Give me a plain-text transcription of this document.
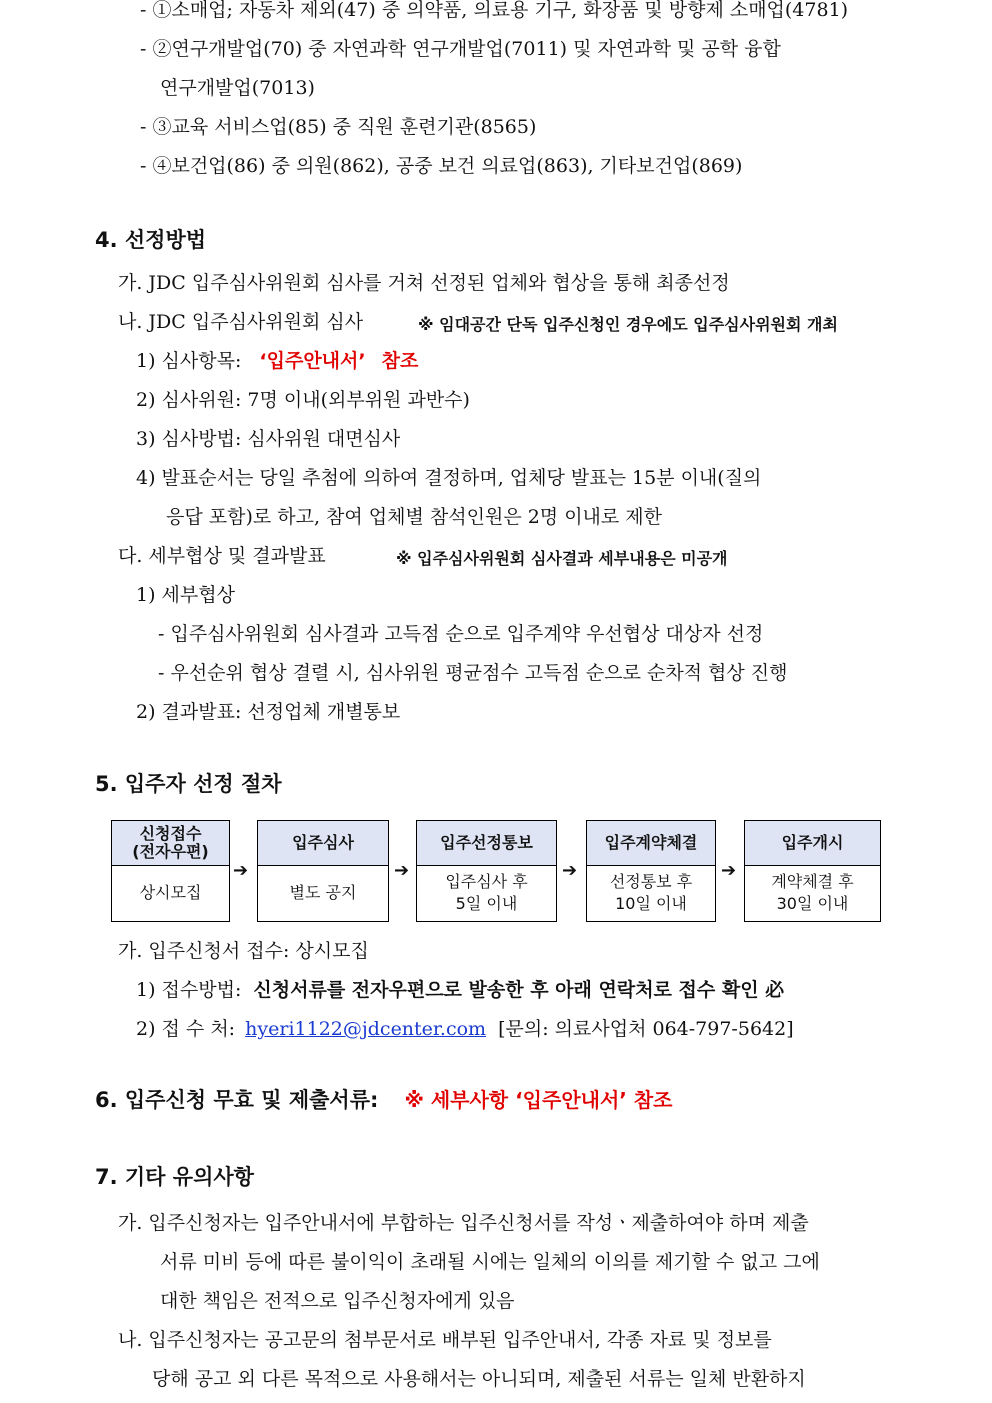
- ①소매업; 자동차 제외(47) 중 의약품, 의료용 기구, 화장품 및 방향제 소매업(4781)
- ②연구개발업(70) 중 자연과학 연구개발업(7011) 및 자연과학 및 공학 융합
연구개발업(7013)
- ③교육 서비스업(85) 중 직원 훈련기관(8565)
- ④보건업(86) 중 의원(862), 공중 보건 의료업(863), 기타보건업(869)
4. 선정방법
가. JDC 입주심사위원회 심사를 거쳐 선정된 업체와 협상을 통해 최종선정
나. JDC 입주심사위원회 심사	※ 임대공간 단독 입주신청인 경우에도 입주심사위원회 개최
1) 심사항목: ‘입주안내서’ 참조
2) 심사위원: 7명 이내(외부위원 과반수)
3) 심사방법: 심사위원 대면심사
4) 발표순서는 당일 추첨에 의하여 결정하며, 업체당 발표는 15분 이내(질의
응답 포함)로 하고, 참여 업체별 참석인원은 2명 이내로 제한
다. 세부협상 및 결과발표	※ 입주심사위원회 심사결과 세부내용은 미공개
1) 세부협상
- 입주심사위원회 심사결과 고득점 순으로 입주계약 우선협상 대상자 선정
- 우선순위 협상 결렬 시, 심사위원 평균점수 고득점 순으로 순차적 협상 진행
2) 결과발표: 선정업체 개별통보
5. 입주자 선정 절차
신청접수
(전자우편)
상시모집
➔
입주심사
별도 공지
➔
입주선정통보
입주심사 후
5일 이내
➔
입주계약체결
선정통보 후
10일 이내
➔
입주개시
계약체결 후
30일 이내
가. 입주신청서 접수: 상시모집
1) 접수방법: 신청서류를 전자우편으로 발송한 후 아래 연락처로 접수 확인 必
2) 접 수 처: hyeri1122@jdcenter.com [문의: 의료사업처 064-797-5642]
6. 입주신청 무효 및 제출서류: ※ 세부사항 ‘입주안내서’ 참조
7. 기타 유의사항
가. 입주신청자는 입주안내서에 부합하는 입주신청서를 작성ㆍ제출하여야 하며 제출
서류 미비 등에 따른 불이익이 초래될 시에는 일체의 이의를 제기할 수 없고 그에
대한 책임은 전적으로 입주신청자에게 있음
나. 입주신청자는 공고문의 첨부문서로 배부된 입주안내서, 각종 자료 및 정보를
당해 공고 외 다른 목적으로 사용해서는 아니되며, 제출된 서류는 일체 반환하지
